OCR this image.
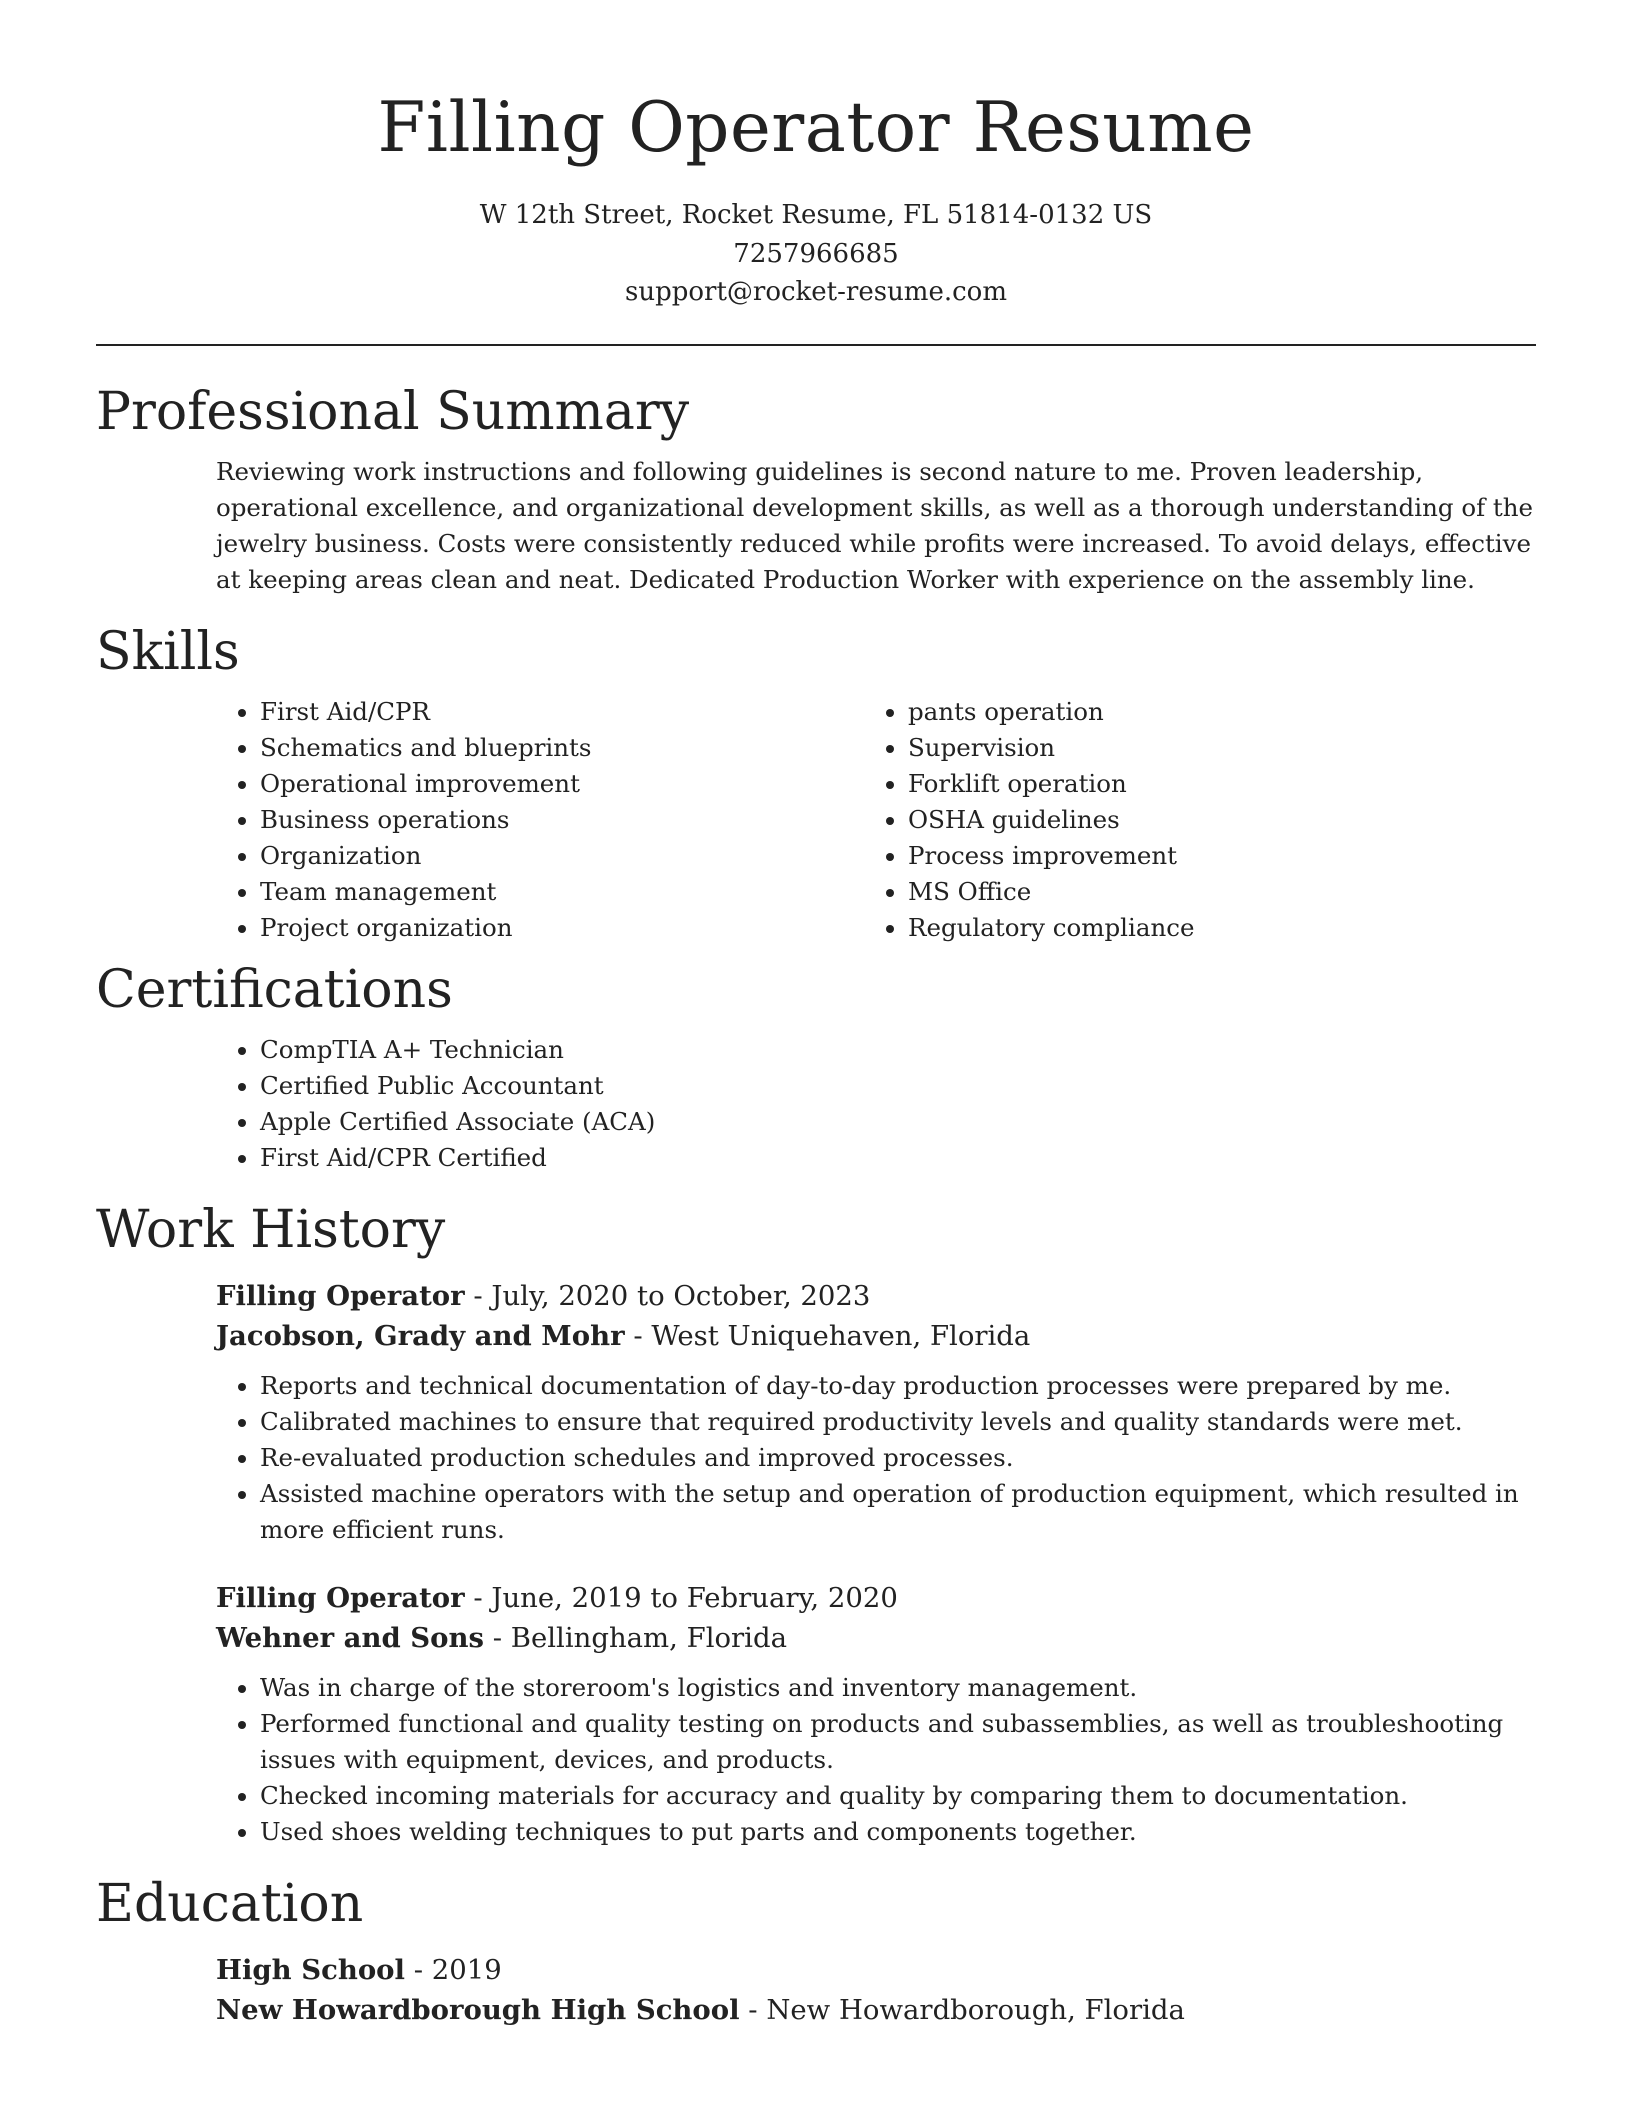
Filling Operator Resume
W 12th Street, Rocket Resume, FL 51814-0132 US
7257966685
support@rocket-resume.com
Professional Summary

Reviewing work instructions and following guidelines is second nature to me. Proven leadership, operational excellence, and organizational development skills, as well as a thorough understanding of the jewelry business. Costs were consistently reduced while profits were increased. To avoid delays, effective at keeping areas clean and neat. Dedicated Production Worker with experience on the assembly line.

Skills
• First Aid/CPR
• Schematics and blueprints
• Operational improvement
• Business operations
• Organization
• Team management
• Project organization
• pants operation
• Supervision
• Forklift operation
• OSHA guidelines
• Process improvement
• MS Office
• Regulatory compliance
Certifications
• CompTIA A+ Technician
• Certified Public Accountant
• Apple Certified Associate (ACA)
• First Aid/CPR Certified
Work History
Filling Operator - July, 2020 to October, 2023
Jacobson, Grady and Mohr - West Uniquehaven, Florida
• Reports and technical documentation of day-to-day production processes were prepared by me.
• Calibrated machines to ensure that required productivity levels and quality standards were met.
• Re-evaluated production schedules and improved processes.
• Assisted machine operators with the setup and operation of production equipment, which resulted in more efficient runs.
Filling Operator - June, 2019 to February, 2020
Wehner and Sons - Bellingham, Florida
• Was in charge of the storeroom's logistics and inventory management.
• Performed functional and quality testing on products and subassemblies, as well as troubleshooting issues with equipment, devices, and products.
• Checked incoming materials for accuracy and quality by comparing them to documentation.
• Used shoes welding techniques to put parts and components together.
Education
High School - 2019
New Howardborough High School - New Howardborough, Florida
